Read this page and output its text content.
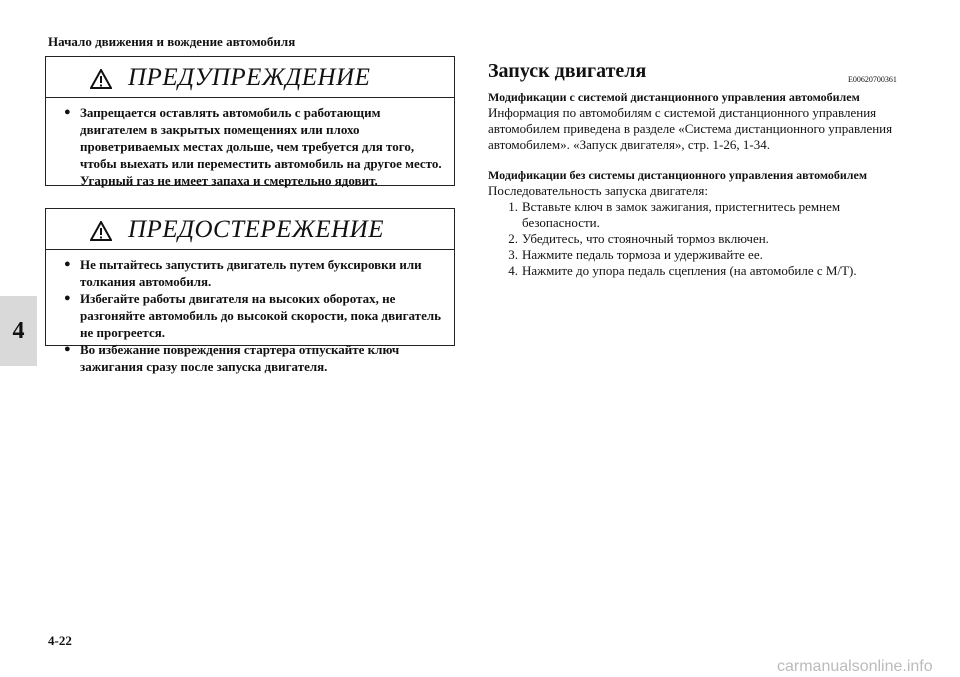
Начало движения и вождение автомобиля
4
ПРЕДУПРЕЖДЕНИЕ
● Запрещается оставлять автомобиль с работающим двигателем в закрытых помещениях или плохо проветриваемых местах дольше, чем требуется для того, чтобы выехать или переместить автомобиль на другое место. Угарный газ не имеет запаха и смертельно ядовит.
ПРЕДОСТЕРЕЖЕНИЕ
● Не пытайтесь запустить двигатель путем буксировки или толкания автомобиля.
● Избегайте работы двигателя на высоких оборотах, не разгоняйте автомобиль до высокой скорости, пока двигатель не прогреется.
● Во избежание повреждения стартера отпускайте ключ зажигания сразу после запуска двигателя.
Запуск двигателя	E00620700361
Модификации с системой дистанционного управления автомобилем
Информация по автомобилям с системой дистанционного управления автомобилем приведена в разделе «Система дистанционного управления автомобилем». «Запуск двигателя», стр. 1-26, 1-34.
Модификации без системы дистанционного управления автомобилем
Последовательность запуска двигателя:
1. Вставьте ключ в замок зажигания, пристегнитесь ремнем безопасности.
2. Убедитесь, что стояночный тормоз включен.
3. Нажмите педаль тормоза и удерживайте ее.
4. Нажмите до упора педаль сцепления (на автомобиле с М/Т).
4-22
carmanualsonline.info
